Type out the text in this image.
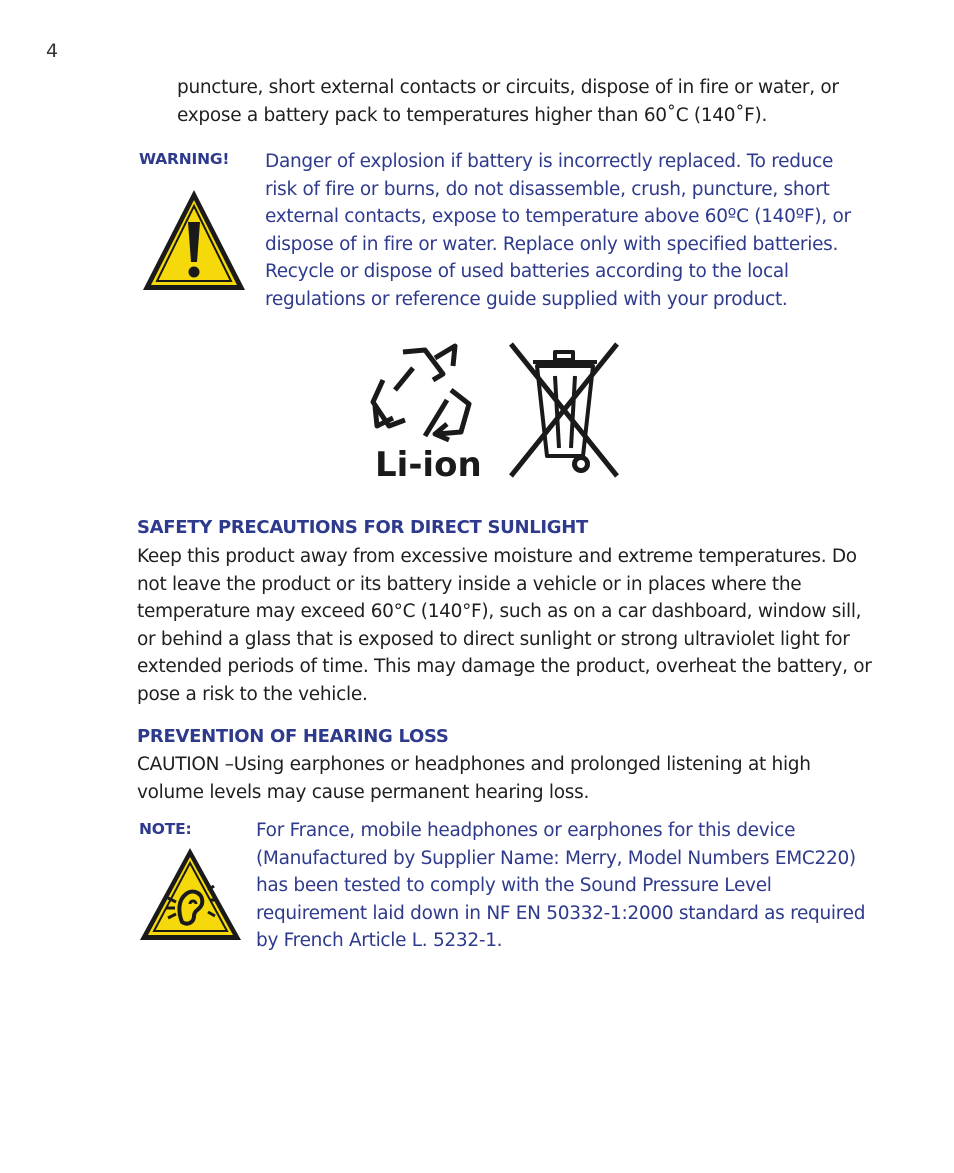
4

puncture, short external contacts or circuits, dispose of in fire or water, or expose a battery pack to temperatures higher than 60˚C (140˚F).

WARNING! Danger of explosion if battery is incorrectly replaced. To reduce risk of fire or burns, do not disassemble, crush, puncture, short external contacts, expose to temperature above 60ºC (140ºF), or dispose of in fire or water. Replace only with specified batteries. Recycle or dispose of used batteries according to the local regulations or reference guide supplied with your product.

Li-ion
SAFETY PRECAUTIONS FOR DIRECT SUNLIGHT

Keep this product away from excessive moisture and extreme temperatures. Do not leave the product or its battery inside a vehicle or in places where the temperature may exceed 60°C (140°F), such as on a car dashboard, window sill, or behind a glass that is exposed to direct sunlight or strong ultraviolet light for extended periods of time. This may damage the product, overheat the battery, or pose a risk to the vehicle.

PREVENTION OF HEARING LOSS

CAUTION –Using earphones or headphones and prolonged listening at high volume levels may cause permanent hearing loss.

NOTE:	For France, mobile headphones or earphones for this device (Manufactured by Supplier Name: Merry, Model Numbers EMC220) has been tested to comply with the Sound Pressure Level requirement laid down in NF EN 50332-1:2000 standard as required by French Article L. 5232-1.
